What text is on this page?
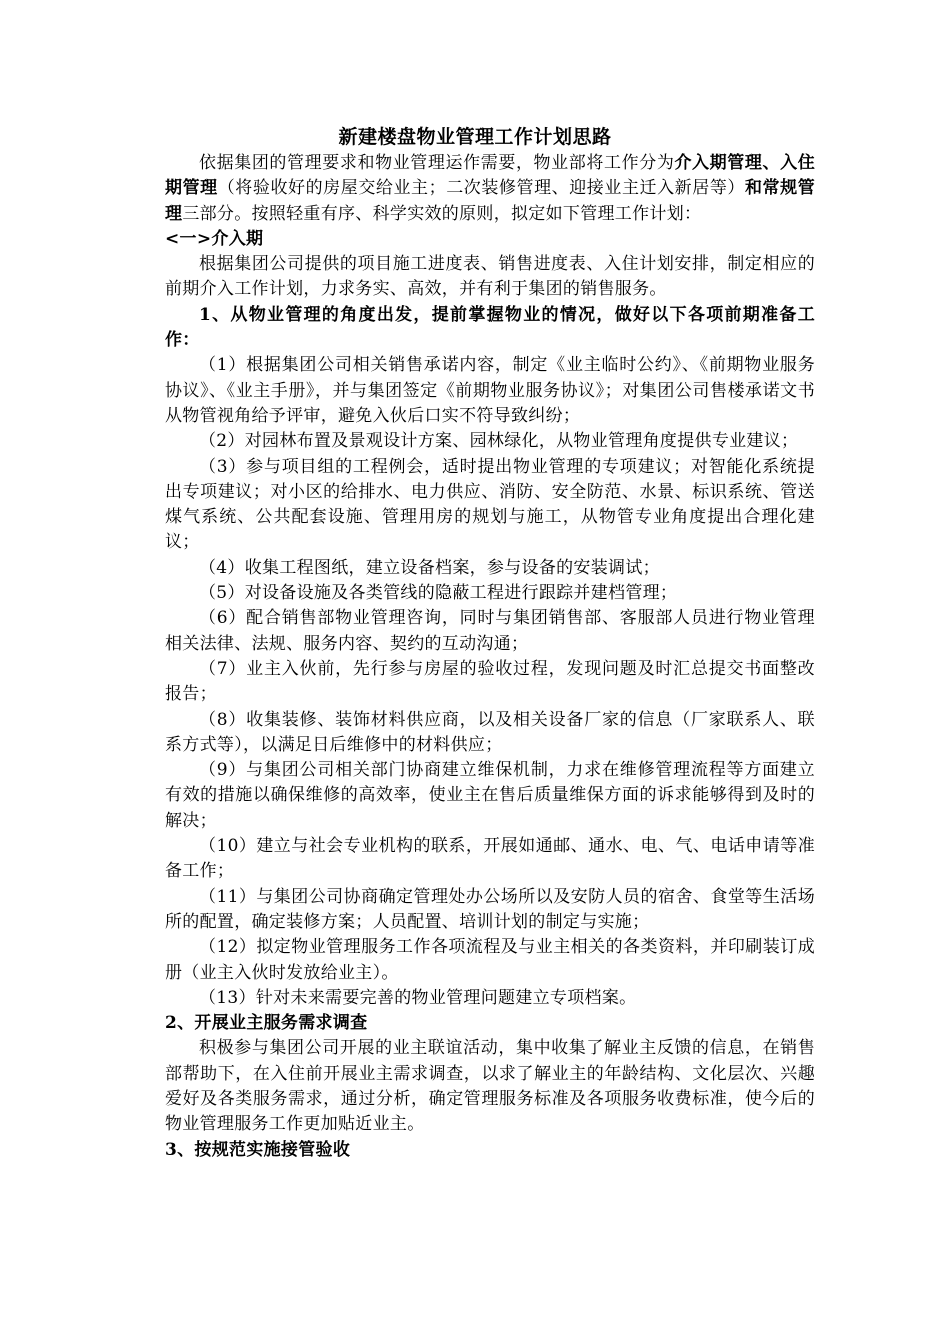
新建楼盘物业管理工作计划思路

依据集团的管理要求和物业管理运作需要，物业部将工作分为介入期管理、入住期管理（将验收好的房屋交给业主；二次装修管理、迎接业主迁入新居等）和常规管理三部分。按照轻重有序、科学实效的原则，拟定如下管理工作计划：

<一>介入期

根据集团公司提供的项目施工进度表、销售进度表、入住计划安排，制定相应的前期介入工作计划，力求务实、高效，并有利于集团的销售服务。

1、从物业管理的角度出发，提前掌握物业的情况，做好以下各项前期准备工作：

（1）根据集团公司相关销售承诺内容，制定《业主临时公约》、《前期物业服务协议》、《业主手册》，并与集团签定《前期物业服务协议》；对集团公司售楼承诺文书从物管视角给予评审，避免入伙后口实不符导致纠纷；

（2）对园林布置及景观设计方案、园林绿化，从物业管理角度提供专业建议；

（3）参与项目组的工程例会，适时提出物业管理的专项建议；对智能化系统提出专项建议；对小区的给排水、电力供应、消防、安全防范、水景、标识系统、管送煤气系统、公共配套设施、管理用房的规划与施工，从物管专业角度提出合理化建议；

（4）收集工程图纸，建立设备档案，参与设备的安装调试；

（5）对设备设施及各类管线的隐蔽工程进行跟踪并建档管理；

（6）配合销售部物业管理咨询，同时与集团销售部、客服部人员进行物业管理相关法律、法规、服务内容、契约的互动沟通；

（7）业主入伙前，先行参与房屋的验收过程，发现问题及时汇总提交书面整改报告；

（8）收集装修、装饰材料供应商，以及相关设备厂家的信息（厂家联系人、联系方式等），以满足日后维修中的材料供应；

（9）与集团公司相关部门协商建立维保机制，力求在维修管理流程等方面建立有效的措施以确保维修的高效率，使业主在售后质量维保方面的诉求能够得到及时的解决；

（10）建立与社会专业机构的联系，开展如通邮、通水、电、气、电话申请等准备工作；

（11）与集团公司协商确定管理处办公场所以及安防人员的宿舍、食堂等生活场所的配置，确定装修方案；人员配置、培训计划的制定与实施；

（12）拟定物业管理服务工作各项流程及与业主相关的各类资料，并印刷装订成册（业主入伙时发放给业主）。

（13）针对未来需要完善的物业管理问题建立专项档案。

2、开展业主服务需求调查

积极参与集团公司开展的业主联谊活动，集中收集了解业主反馈的信息，在销售部帮助下，在入住前开展业主需求调查，以求了解业主的年龄结构、文化层次、兴趣爱好及各类服务需求，通过分析，确定管理服务标准及各项服务收费标准，使今后的物业管理服务工作更加贴近业主。

3、按规范实施接管验收
